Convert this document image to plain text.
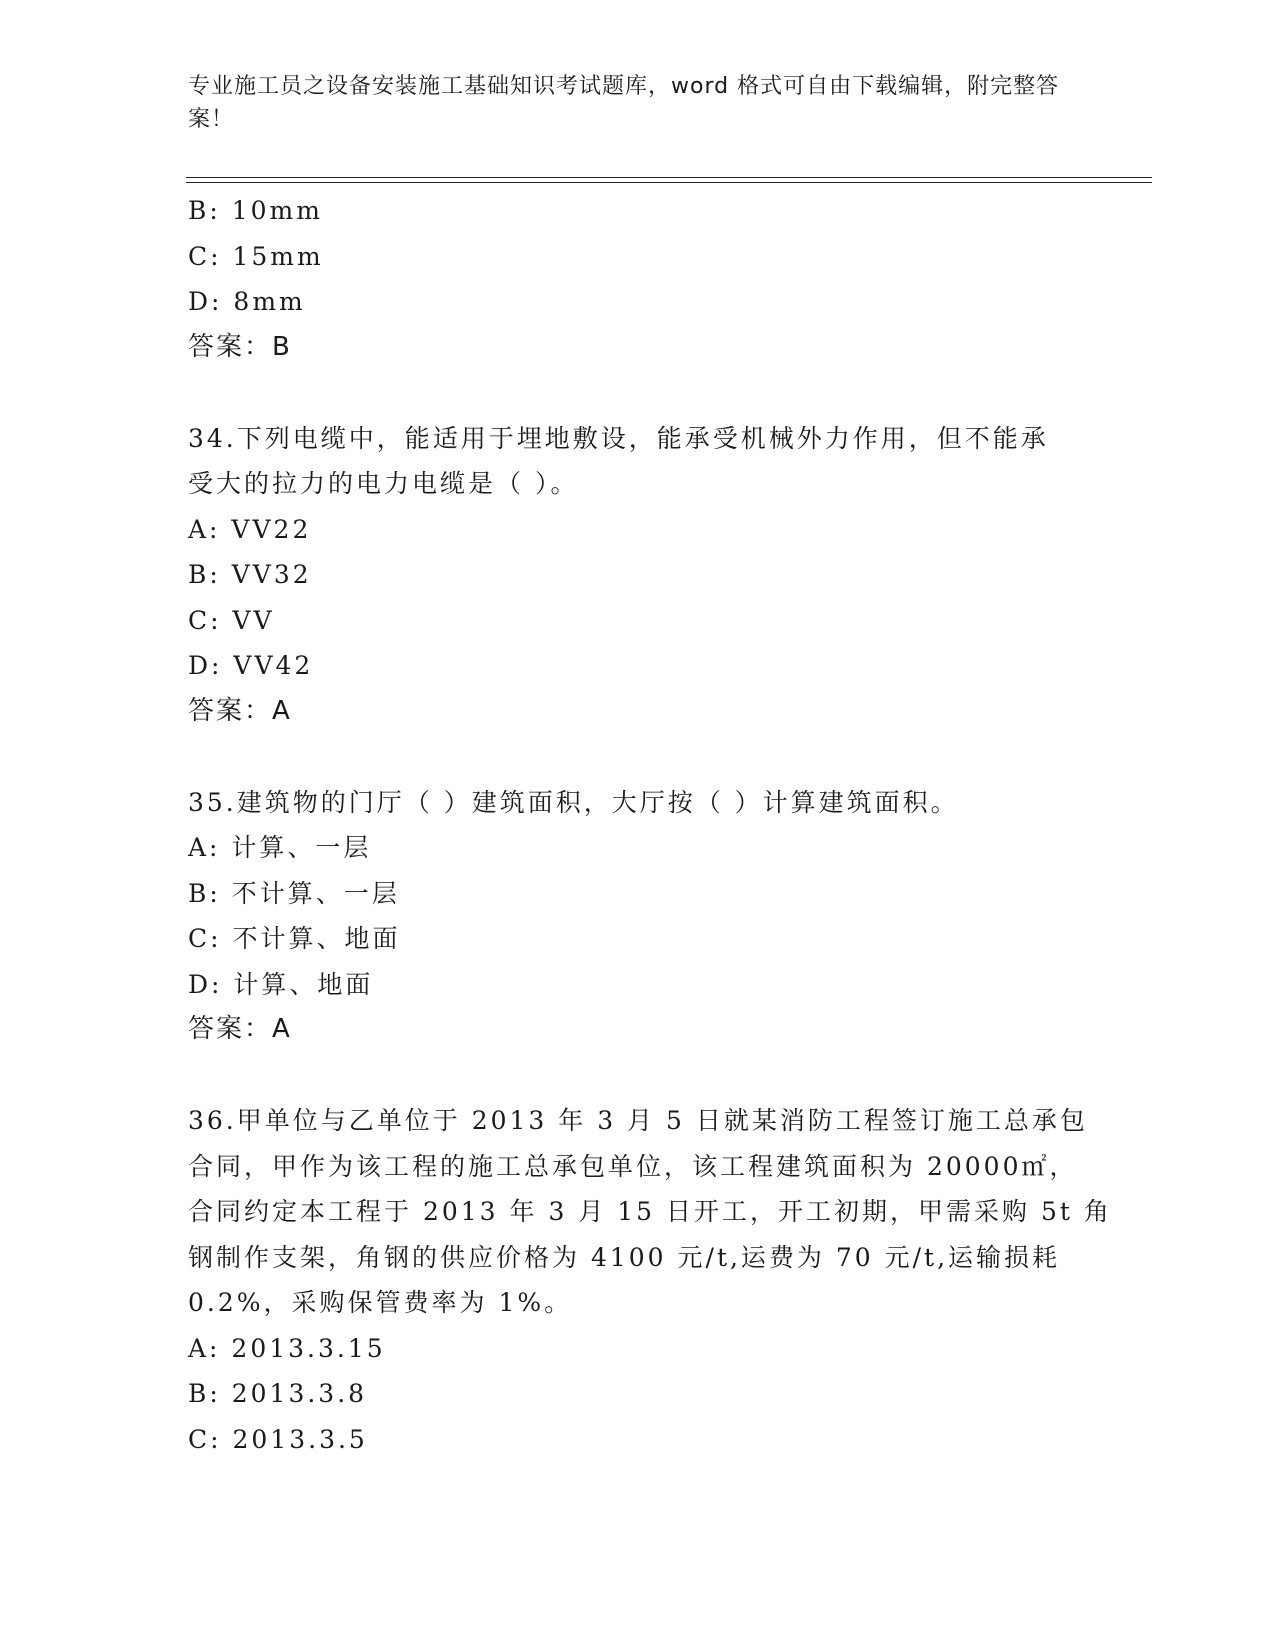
专业施工员之设备安装施工基础知识考试题库，word 格式可自由下载编辑，附完整答案！
B: 10mm
C: 15mm
D: 8mm
答案：B
34.下列电缆中，能适用于埋地敷设，能承受机械外力作用，但不能承
受大的拉力的电力电缆是（ ）。
A: VV22
B: VV32
C: VV
D: VV42
答案：A
35.建筑物的门厅（ ）建筑面积，大厅按（ ）计算建筑面积。
A: 计算、一层
B: 不计算、一层
C: 不计算、地面
D: 计算、地面
答案：A
36.甲单位与乙单位于 2013 年 3 月 5 日就某消防工程签订施工总承包
合同，甲作为该工程的施工总承包单位，该工程建筑面积为 20000㎡，
合同约定本工程于 2013 年 3 月 15 日开工，开工初期，甲需采购 5t 角
钢制作支架，角钢的供应价格为 4100 元/t,运费为 70 元/t,运输损耗
0.2%，采购保管费率为 1%。
A: 2013.3.15
B: 2013.3.8
C: 2013.3.5
